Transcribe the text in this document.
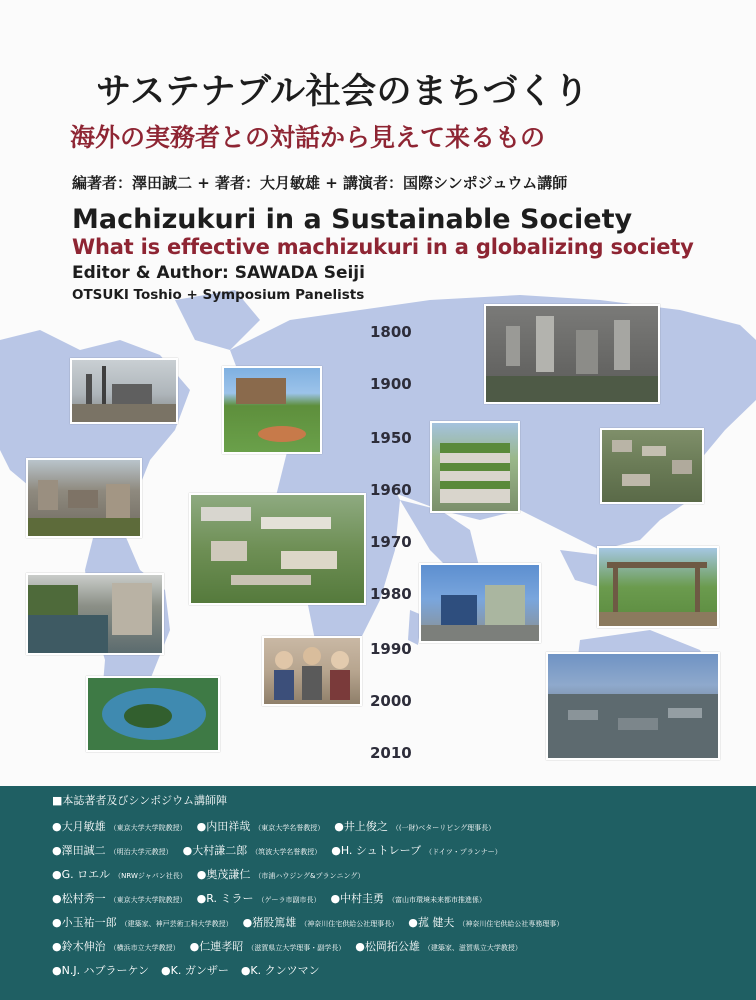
サステナブル社会のまちづくり
海外の実務者との対話から見えて来るもの
編著者：澤田誠二 + 著者：大月敏雄 + 講演者：国際シンポジュウム講師
Machizukuri in a Sustainable Society
What is effective machizukuri in a globalizing society
Editor & Author: SAWADA Seiji
OTSUKI Toshio + Symposium Panelists
1800
1900
1950
1960
1970
1980
1990
2000
2010
■本誌著者及びシンポジウム講師陣
●大月敏雄 （東京大学大学院教授） ●内田祥哉 （東京大学名誉教授） ●井上俊之 （(一財)ベターリビング理事長）
●澤田誠二 （明治大学元教授） ●大村謙二郎 （筑波大学名誉教授） ●H. シュトレーブ （ドイツ・プランナー）
●G. ロエル （NRWジャパン社長） ●奥茂謙仁 （市浦ハウジング&プランニング）
●松村秀一 （東京大学大学院教授） ●R. ミラー （ゲーラ市副市長） ●中村圭勇 （富山市環境未来都市推進係）
●小玉祐一郎 （建築家、神戸芸術工科大学教授） ●猪股篤雄 （神奈川住宅供給公社理事長） ●菰 健夫 （神奈川住宅供給公社専務理事）
●鈴木伸治 （横浜市立大学教授） ●仁連孝昭 （滋賀県立大学理事・副学長） ●松岡拓公雄 （建築家、滋賀県立大学教授）
●N.J. ハブラーケン ●K. ガンザー ●K. クンツマン
